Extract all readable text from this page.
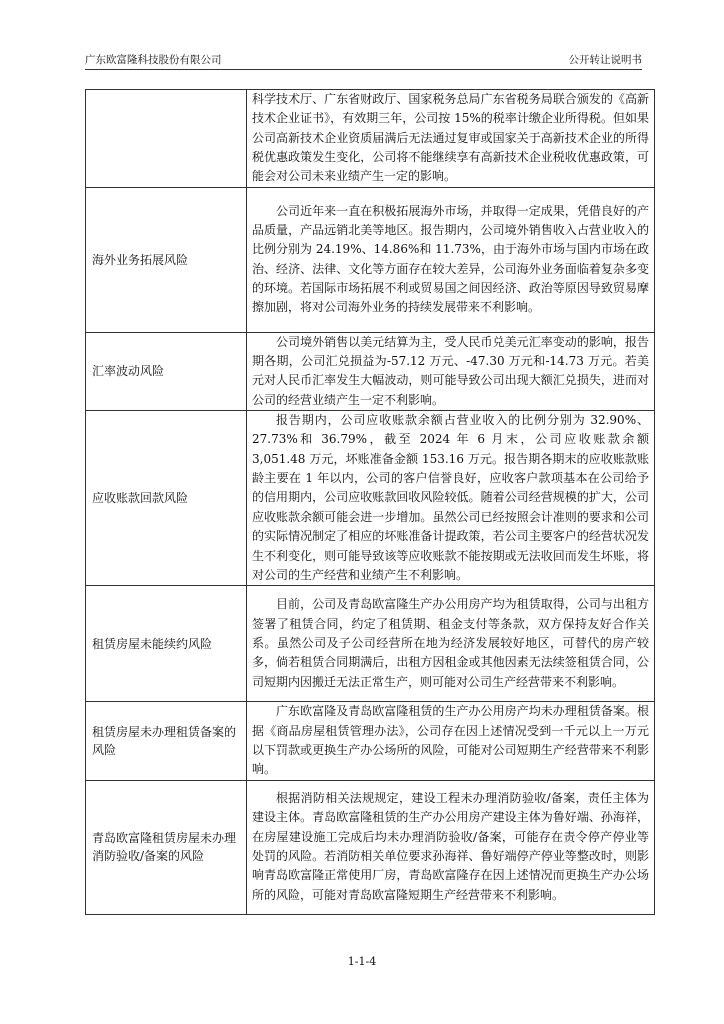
广东欧富隆科技股份有限公司	公开转让说明书
	科学技术厅、广东省财政厅、国家税务总局广东省税务局联合颁发的《高新技术企业证书》，有效期三年，公司按 15%的税率计缴企业所得税。但如果公司高新技术企业资质届满后无法通过复审或国家关于高新技术企业的所得税优惠政策发生变化，公司将不能继续享有高新技术企业税收优惠政策，可能会对公司未来业绩产生一定的影响。
海外业务拓展风险	公司近年来一直在积极拓展海外市场，并取得一定成果，凭借良好的产品质量，产品远销北美等地区。报告期内，公司境外销售收入占营业收入的比例分别为 24.19%、14.86%和 11.73%，由于海外市场与国内市场在政治、经济、法律、文化等方面存在较大差异，公司海外业务面临着复杂多变的环境。若国际市场拓展不利或贸易国之间因经济、政治等原因导致贸易摩擦加剧，将对公司海外业务的持续发展带来不利影响。
汇率波动风险	公司境外销售以美元结算为主，受人民币兑美元汇率变动的影响，报告期各期，公司汇兑损益为-57.12 万元、-47.30 万元和-14.73 万元。若美元对人民币汇率发生大幅波动，则可能导致公司出现大额汇兑损失，进而对公司的经营业绩产生一定不利影响。
应收账款回款风险	报告期内，公司应收账款余额占营业收入的比例分别为 32.90%、27.73%和 36.79%，截至 2024 年 6 月末，公司应收账款余额 3,051.48 万元，坏账准备金额 153.16 万元。报告期各期末的应收账款账龄主要在 1 年以内，公司的客户信誉良好，应收客户款项基本在公司给予的信用期内，公司应收账款回收风险较低。随着公司经营规模的扩大，公司应收账款余额可能会进一步增加。虽然公司已经按照会计准则的要求和公司的实际情况制定了相应的坏账准备计提政策，若公司主要客户的经营状况发生不利变化，则可能导致该等应收账款不能按期或无法收回而发生坏账，将对公司的生产经营和业绩产生不利影响。
租赁房屋未能续约风险	目前，公司及青岛欧富隆生产办公用房产均为租赁取得，公司与出租方签署了租赁合同，约定了租赁期、租金支付等条款，双方保持友好合作关系。虽然公司及子公司经营所在地为经济发展较好地区，可替代的房产较多，倘若租赁合同期满后，出租方因租金或其他因素无法续签租赁合同，公司短期内因搬迁无法正常生产，则可能对公司生产经营带来不利影响。
租赁房屋未办理租赁备案的风险	广东欧富隆及青岛欧富隆租赁的生产办公用房产均未办理租赁备案。根据《商品房屋租赁管理办法》，公司存在因上述情况受到一千元以上一万元以下罚款或更换生产办公场所的风险，可能对公司短期生产经营带来不利影响。
青岛欧富隆租赁房屋未办理消防验收/备案的风险	根据消防相关法规规定，建设工程未办理消防验收/备案，责任主体为建设主体。青岛欧富隆租赁的生产办公用房产建设主体为鲁好端、孙海祥，在房屋建设施工完成后均未办理消防验收/备案，可能存在责令停产停业等处罚的风险。若消防相关单位要求孙海祥、鲁好端停产停业等整改时，则影响青岛欧富隆正常使用厂房，青岛欧富隆存在因上述情况而更换生产办公场所的风险，可能对青岛欧富隆短期生产经营带来不利影响。
1-1-4
